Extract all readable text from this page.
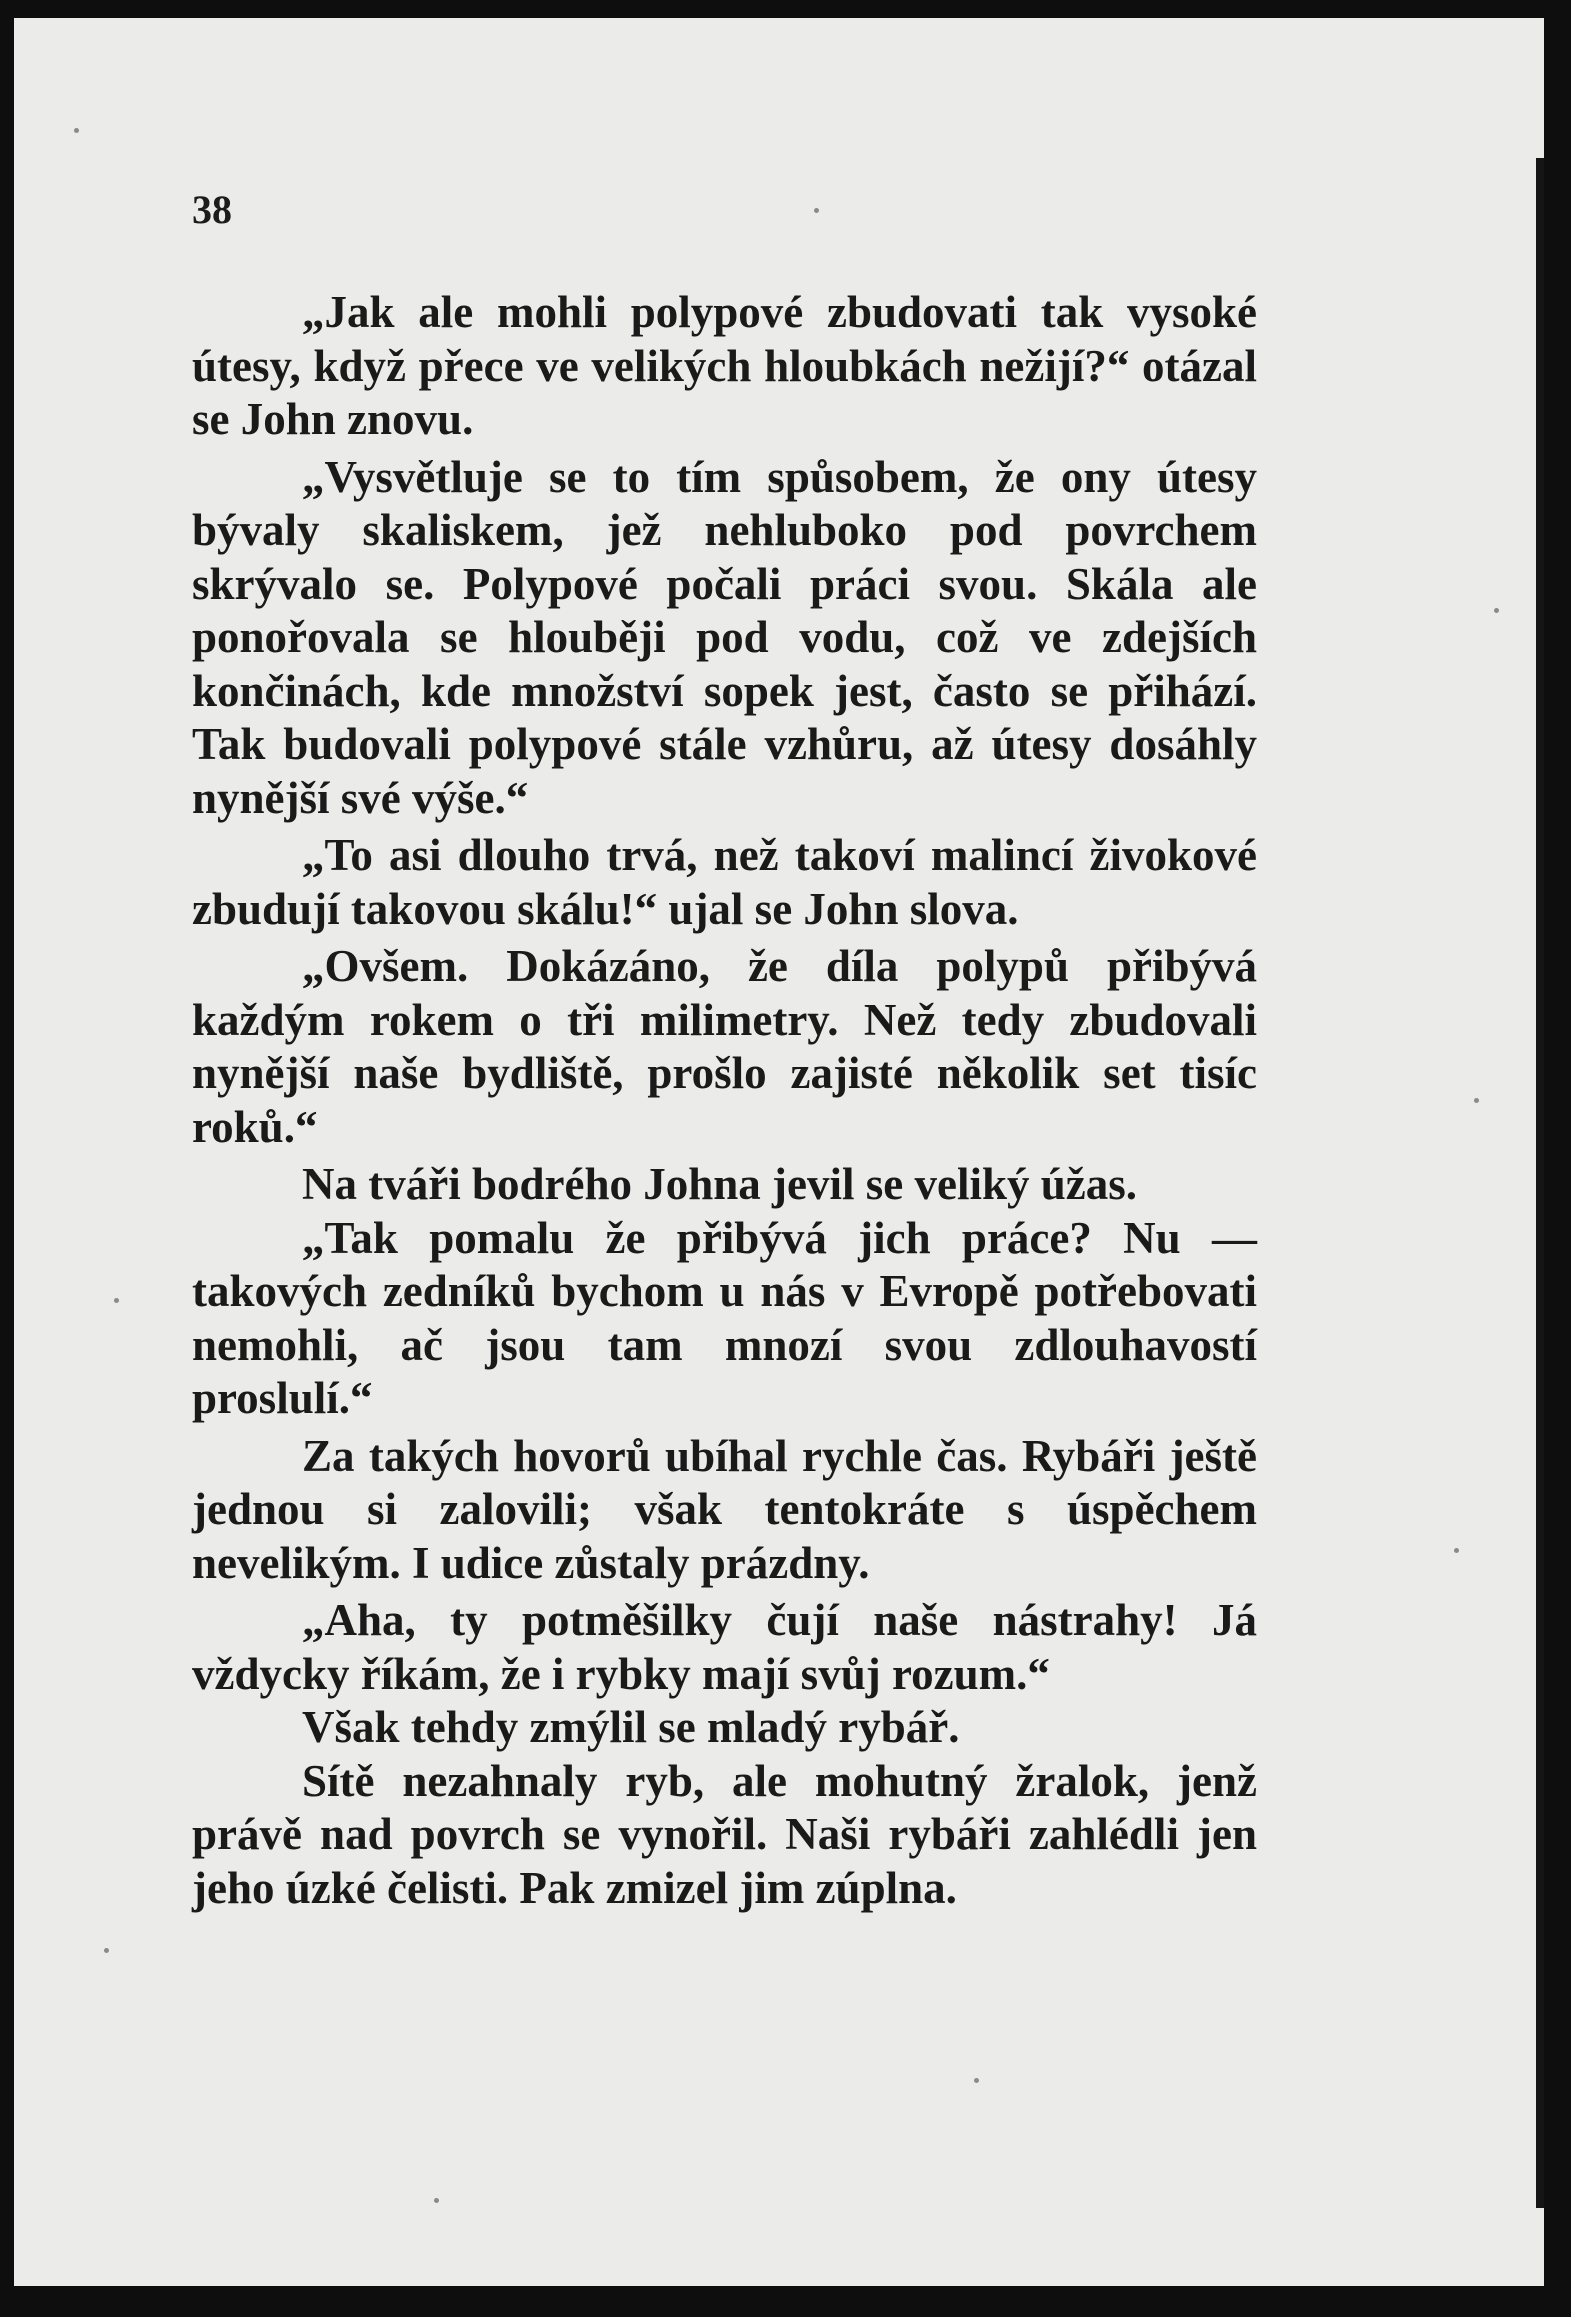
38

„Jak ale mohli polypové zbudovati tak vysoké útesy, když přece ve velikých hloubkách nežijí?“ otázal se John znovu.

„Vysvětluje se to tím spůsobem, že ony útesy bývaly skaliskem, jež nehluboko pod povrchem skrývalo se. Polypové počali práci svou. Skála ale ponořovala se hlouběji pod vodu, což ve zdejších končinách, kde množství sopek jest, často se přihází. Tak budovali polypové stále vzhůru, až útesy dosáhly nynější své výše.“

„To asi dlouho trvá, než takoví malincí živokové zbudují takovou skálu!“ ujal se John slova.

„Ovšem. Dokázáno, že díla polypů přibývá každým rokem o tři milimetry. Než tedy zbudovali nynější naše bydliště, prošlo zajisté několik set tisíc roků.“

Na tváři bodrého Johna jevil se veliký úžas.

„Tak pomalu že přibývá jich práce? Nu — takových zedníků bychom u nás v Evropě potřebovati nemohli, ač jsou tam mnozí svou zdlouhavostí proslulí.“

Za takých hovorů ubíhal rychle čas. Rybáři ještě jednou si zalovili; však tentokráte s úspěchem nevelikým. I udice zůstaly prázdny.

„Aha, ty potměšilky čují naše nástrahy! Já vždycky říkám, že i rybky mají svůj rozum.“

Však tehdy zmýlil se mladý rybář.

Sítě nezahnaly ryb, ale mohutný žralok, jenž právě nad povrch se vynořil. Naši rybáři zahlédli jen jeho úzké čelisti. Pak zmizel jim zúplna.
